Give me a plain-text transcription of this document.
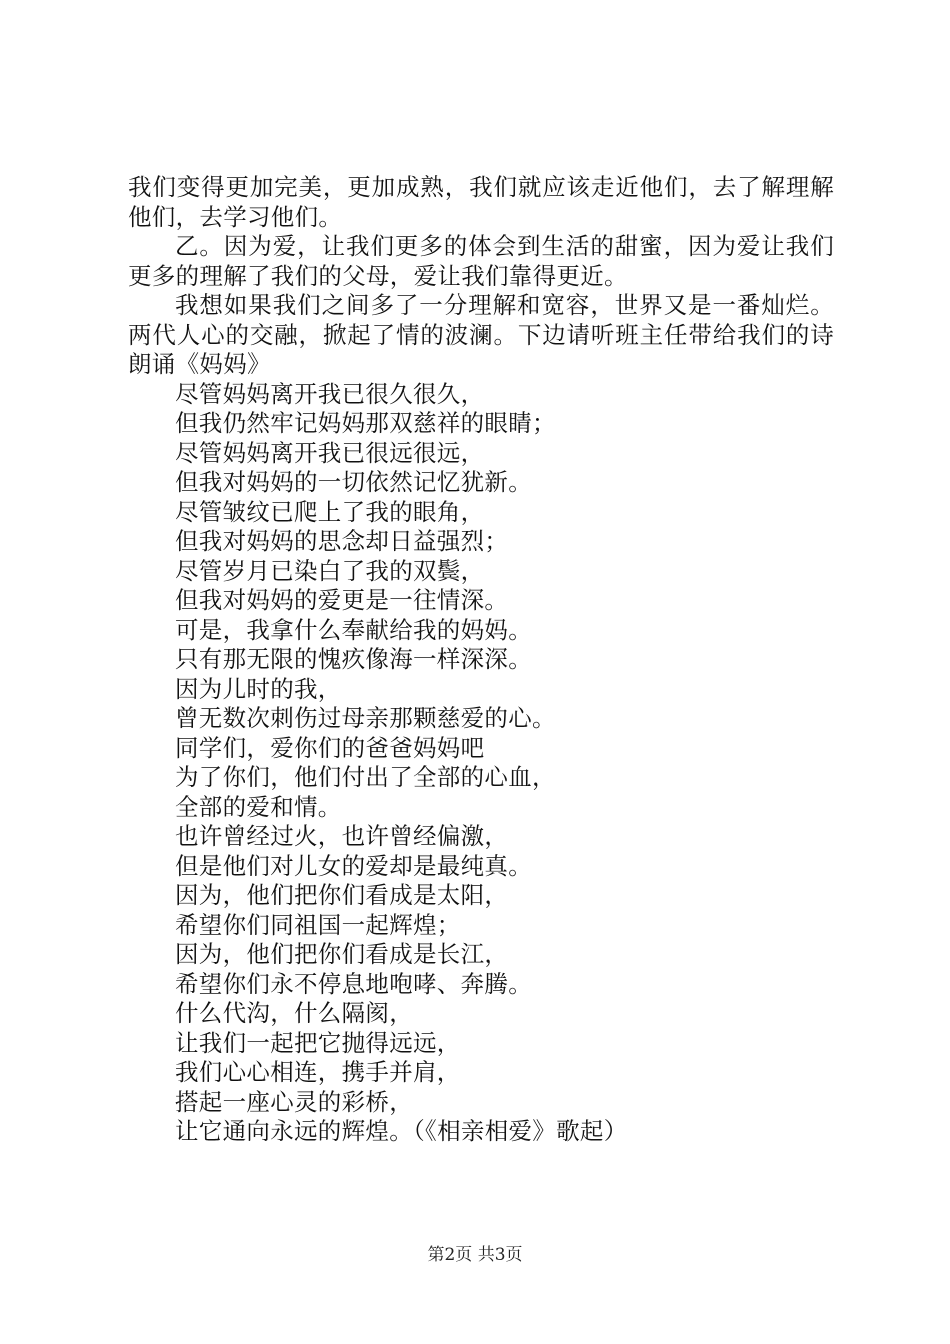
我们变得更加完美，更加成熟，我们就应该走近他们，去了解理解他们，去学习他们。

乙。因为爱，让我们更多的体会到生活的甜蜜，因为爱让我们更多的理解了我们的父母，爱让我们靠得更近。

我想如果我们之间多了一分理解和宽容，世界又是一番灿烂。两代人心的交融，掀起了情的波澜。下边请听班主任带给我们的诗朗诵《妈妈》

尽管妈妈离开我已很久很久，
但我仍然牢记妈妈那双慈祥的眼睛；
尽管妈妈离开我已很远很远，
但我对妈妈的一切依然记忆犹新。
尽管皱纹已爬上了我的眼角，
但我对妈妈的思念却日益强烈；
尽管岁月已染白了我的双鬓，
但我对妈妈的爱更是一往情深。
可是，我拿什么奉献给我的妈妈。
只有那无限的愧疚像海一样深深。
因为儿时的我，
曾无数次刺伤过母亲那颗慈爱的心。
同学们，爱你们的爸爸妈妈吧
为了你们，他们付出了全部的心血，
全部的爱和情。
也许曾经过火，也许曾经偏激，
但是他们对儿女的爱却是最纯真。
因为，他们把你们看成是太阳，
希望你们同祖国一起辉煌；
因为，他们把你们看成是长江，
希望你们永不停息地咆哮、奔腾。
什么代沟，什么隔阂，
让我们一起把它抛得远远，
我们心心相连，携手并肩，
搭起一座心灵的彩桥，
让它通向永远的辉煌。（《相亲相爱》歌起）
第2页 共3页
